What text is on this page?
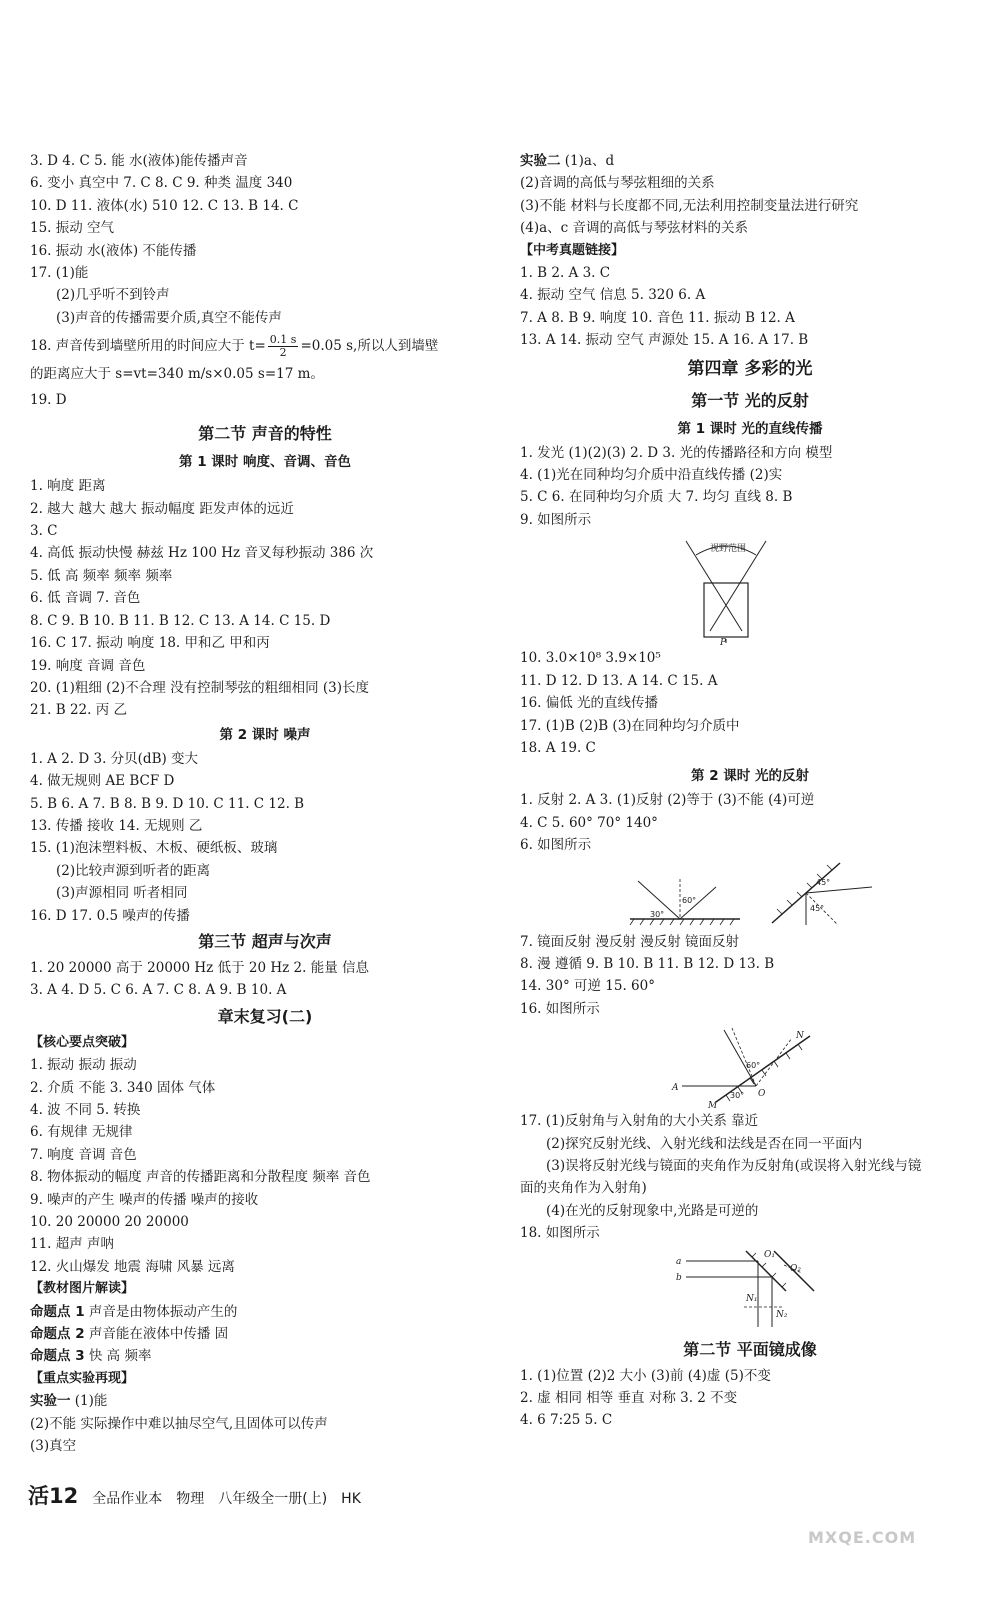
3. D 4. C 5. 能 水(液体)能传播声音
6. 变小 真空中 7. C 8. C 9. 种类 温度 340
10. D 11. 液体(水) 510 12. C 13. B 14. C
15. 振动 空气
16. 振动 水(液体) 不能传播
17. (1)能
(2)几乎听不到铃声
(3)声音的传播需要介质,真空不能传声
18. 声音传到墙壁所用的时间应大于 $t= \frac{0.1 s}{2} =0.05$ s,所以人到墙壁
的距离应大于 s=vt=340 m/s×0.05 s=17 m。
19. D
第二节 声音的特性
第 1 课时 响度、音调、音色
1. 响度 距离
2. 越大 越大 越大 振动幅度 距发声体的远近
3. C
4. 高低 振动快慢 赫兹 Hz 100 Hz 音叉每秒振动 386 次
5. 低 高 频率 频率 频率
6. 低 音调 7. 音色
8. C 9. B 10. B 11. B 12. C 13. A 14. C 15. D
16. C 17. 振动 响度 18. 甲和乙 甲和丙
19. 响度 音调 音色
20. (1)粗细 (2)不合理 没有控制琴弦的粗细相同 (3)长度
21. B 22. 丙 乙
第 2 课时 噪声
1. A 2. D 3. 分贝(dB) 变大
4. 做无规则 AE BCF D
5. B 6. A 7. B 8. B 9. D 10. C 11. C 12. B
13. 传播 接收 14. 无规则 乙
15. (1)泡沫塑料板、木板、硬纸板、玻璃
(2)比较声源到听者的距离
(3)声源相同 听者相同
16. D 17. 0.5 噪声的传播
第三节 超声与次声
1. 20 20000 高于 20000 Hz 低于 20 Hz 2. 能量 信息
3. A 4. D 5. C 6. A 7. C 8. A 9. B 10. A
章末复习(二)
【核心要点突破】
1. 振动 振动 振动
2. 介质 不能 3. 340 固体 气体
4. 波 不同 5. 转换
6. 有规律 无规律
7. 响度 音调 音色
8. 物体振动的幅度 声音的传播距离和分散程度 频率 音色
9. 噪声的产生 噪声的传播 噪声的接收
10. 20 20000 20 20000
11. 超声 声呐
12. 火山爆发 地震 海啸 风暴 远离
【教材图片解读】
命题点 1 声音是由物体振动产生的
命题点 2 声音能在液体中传播 固
命题点 3 快 高 频率
【重点实验再现】
实验一 (1)能
(2)不能 实际操作中难以抽尽空气,且固体可以传声
(3)真空
实验二 (1)a、d
(2)音调的高低与琴弦粗细的关系
(3)不能 材料与长度都不同,无法利用控制变量法进行研究
(4)a、c 音调的高低与琴弦材料的关系
【中考真题链接】
1. B 2. A 3. C
4. 振动 空气 信息 5. 320 6. A
7. A 8. B 9. 响度 10. 音色 11. 振动 B 12. A
13. A 14. 振动 空气 声源处 15. A 16. A 17. B
第四章 多彩的光
第一节 光的反射
第 1 课时 光的直线传播
1. 发光 (1)(2)(3) 2. D 3. 光的传播路径和方向 模型
4. (1)光在同种均匀介质中沿直线传播 (2)实
5. C 6. 在同种均匀介质 大 7. 均匀 直线 8. B
9. 如图所示
视野范围
P
10. 3.0×10⁸ 3.9×10⁵
11. D 12. D 13. A 14. C 15. A
16. 偏低 光的直线传播
17. (1)B (2)B (3)在同种均匀介质中
18. A 19. C
第 2 课时 光的反射
1. 反射 2. A 3. (1)反射 (2)等于 (3)不能 (4)可逆
4. C 5. 60° 70° 140°
6. 如图所示
30°
60°
45°
45°
7. 镜面反射 漫反射 漫反射 镜面反射
8. 漫 遵循 9. B 10. B 11. B 12. D 13. B
14. 30° 可逆 15. 60°
16. 如图所示
A
N
M
O
60°
30°
17. (1)反射角与入射角的大小关系 靠近
(2)探究反射光线、入射光线和法线是否在同一平面内
(3)误将反射光线与镜面的夹角作为反射角(或误将入射光线与镜
面的夹角作为入射角)
(4)在光的反射现象中,光路是可逆的
18. 如图所示
a
b
O₁
O₂
N₁
N₂
第二节 平面镜成像
1. (1)位置 (2)2 大小 (3)前 (4)虚 (5)不变
2. 虚 相同 相等 垂直 对称 3. 2 不变
4. 6 7:25 5. C
活12 全品作业本 物理 八年级全一册(上) HK
MXQE.COM
